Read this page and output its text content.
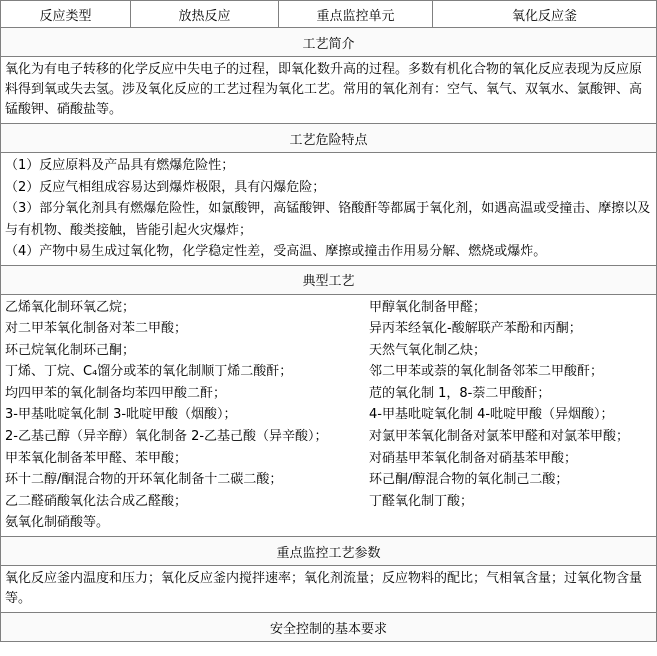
反应类型	放热反应	重点监控单元	氧化反应釜
工艺简介
氧化为有电子转移的化学反应中失电子的过程，即氧化数升高的过程。多数有机化合物的氧化反应表现为反应原料得到氧或失去氢。涉及氧化反应的工艺过程为氧化工艺。常用的氧化剂有：空气、氧气、双氧水、氯酸钾、高锰酸钾、硝酸盐等。
工艺危险特点
（1）反应原料及产品具有燃爆危险性；
（2）反应气相组成容易达到爆炸极限，具有闪爆危险；
（3）部分氧化剂具有燃爆危险性，如氯酸钾，高锰酸钾、铬酸酐等都属于氧化剂，如遇高温或受撞击、摩擦以及与有机物、酸类接触，皆能引起火灾爆炸；
（4）产物中易生成过氧化物，化学稳定性差，受高温、摩擦或撞击作用易分解、燃烧或爆炸。
典型工艺
乙烯氧化制环氧乙烷；	甲醇氧化制备甲醛；
对二甲苯氧化制备对苯二甲酸；	异丙苯经氧化-酸解联产苯酚和丙酮；
环己烷氧化制环己酮；	天然气氧化制乙炔；
丁烯、丁烷、C₄馏分或苯的氧化制顺丁烯二酸酐；	邻二甲苯或萘的氧化制备邻苯二甲酸酐；
均四甲苯的氧化制备均苯四甲酸二酐；	苊的氧化制 1，8-萘二甲酸酐；
3-甲基吡啶氧化制 3-吡啶甲酸（烟酸）；	4-甲基吡啶氧化制 4-吡啶甲酸（异烟酸）；
2-乙基己醇（异辛醇）氧化制备 2-乙基己酸（异辛酸）；	对氯甲苯氧化制备对氯苯甲醛和对氯苯甲酸；
甲苯氧化制备苯甲醛、苯甲酸；	对硝基甲苯氧化制备对硝基苯甲酸；
环十二醇/酮混合物的开环氧化制备十二碳二酸；	环己酮/醇混合物的氧化制己二酸；
乙二醛硝酸氧化法合成乙醛酸；	丁醛氧化制丁酸；
氨氧化制硝酸等。
重点监控工艺参数
氧化反应釜内温度和压力；氧化反应釜内搅拌速率；氧化剂流量；反应物料的配比；气相氧含量；过氧化物含量等。
安全控制的基本要求
